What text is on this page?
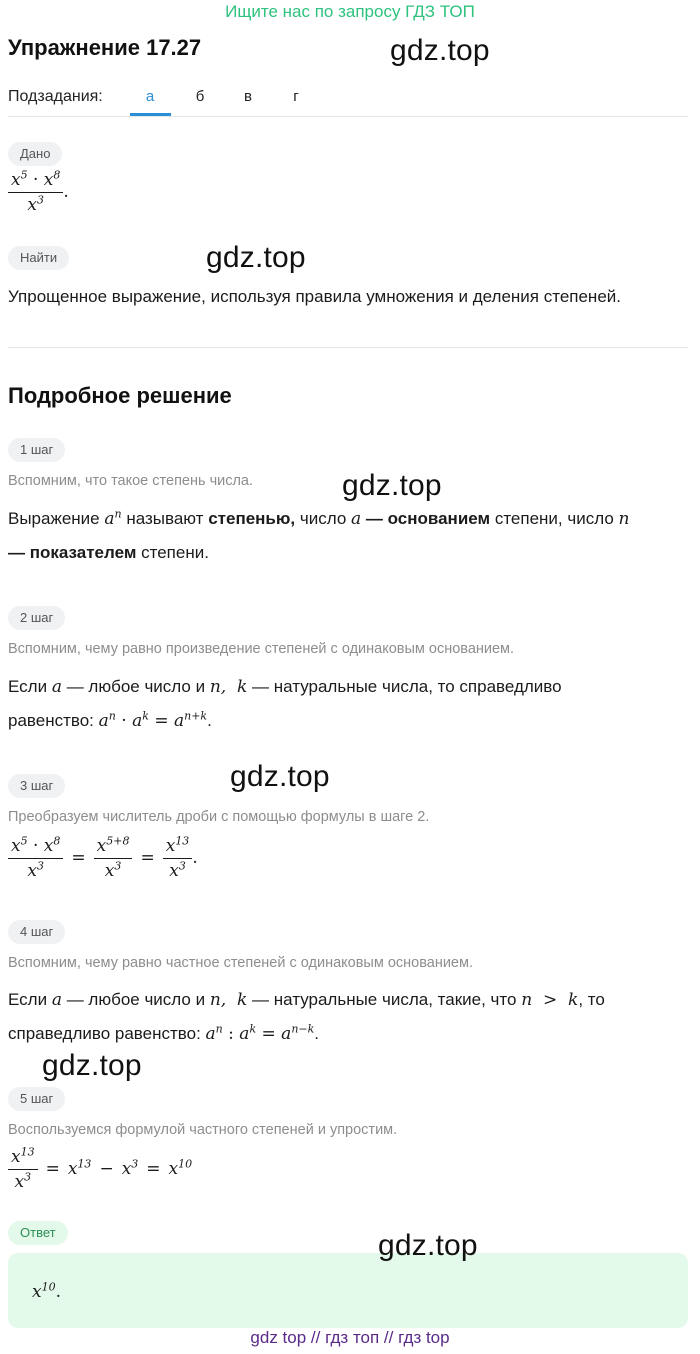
Ищите нас по запросу ГДЗ ТОП
Упражнение 17.27	gdz.top
Подзадания:	а	б	в	г
Дано
$\frac{x^5 \cdot x^8}{x^3}$ .
Найти	gdz.top
Упрощенное выражение, используя правила умножения и деления степеней.
Подробное решение
1 шаг
gdz.top
Вспомним, что такое степень числа.
Выражение $a^n$ называют степенью, число a — основанием степени, число n
— показателем степени.
2 шаг
Вспомним, чему равно произведение степеней с одинаковым основанием.
Если a — любое число и n,  k — натуральные числа, то справедливо
равенство: $a^n \cdot a^k = a^{n+k}$.
3 шаг	gdz.top
Преобразуем числитель дроби с помощью формулы в шаге 2.
$\frac{x^5 \cdot x^8}{x^3} = \frac{x^{5+8}}{x^3} = \frac{x^{13}}{x^3}$ .
4 шаг
Вспомним, чему равно частное степеней с одинаковым основанием.
Если a — любое число и n,  k — натуральные числа, такие, что n  >  k, то
справедливо равенство: $a^n$ : $a^k = a^{n-k}$.
gdz.top
5 шаг
Воспользуемся формулой частного степеней и упростим.
$\frac{x^{13}}{x^3} = x^{13} - x^3 = x^{10}$
Ответ	gdz.top
$x^{10}$.
gdz top // гдз топ // гдз top
